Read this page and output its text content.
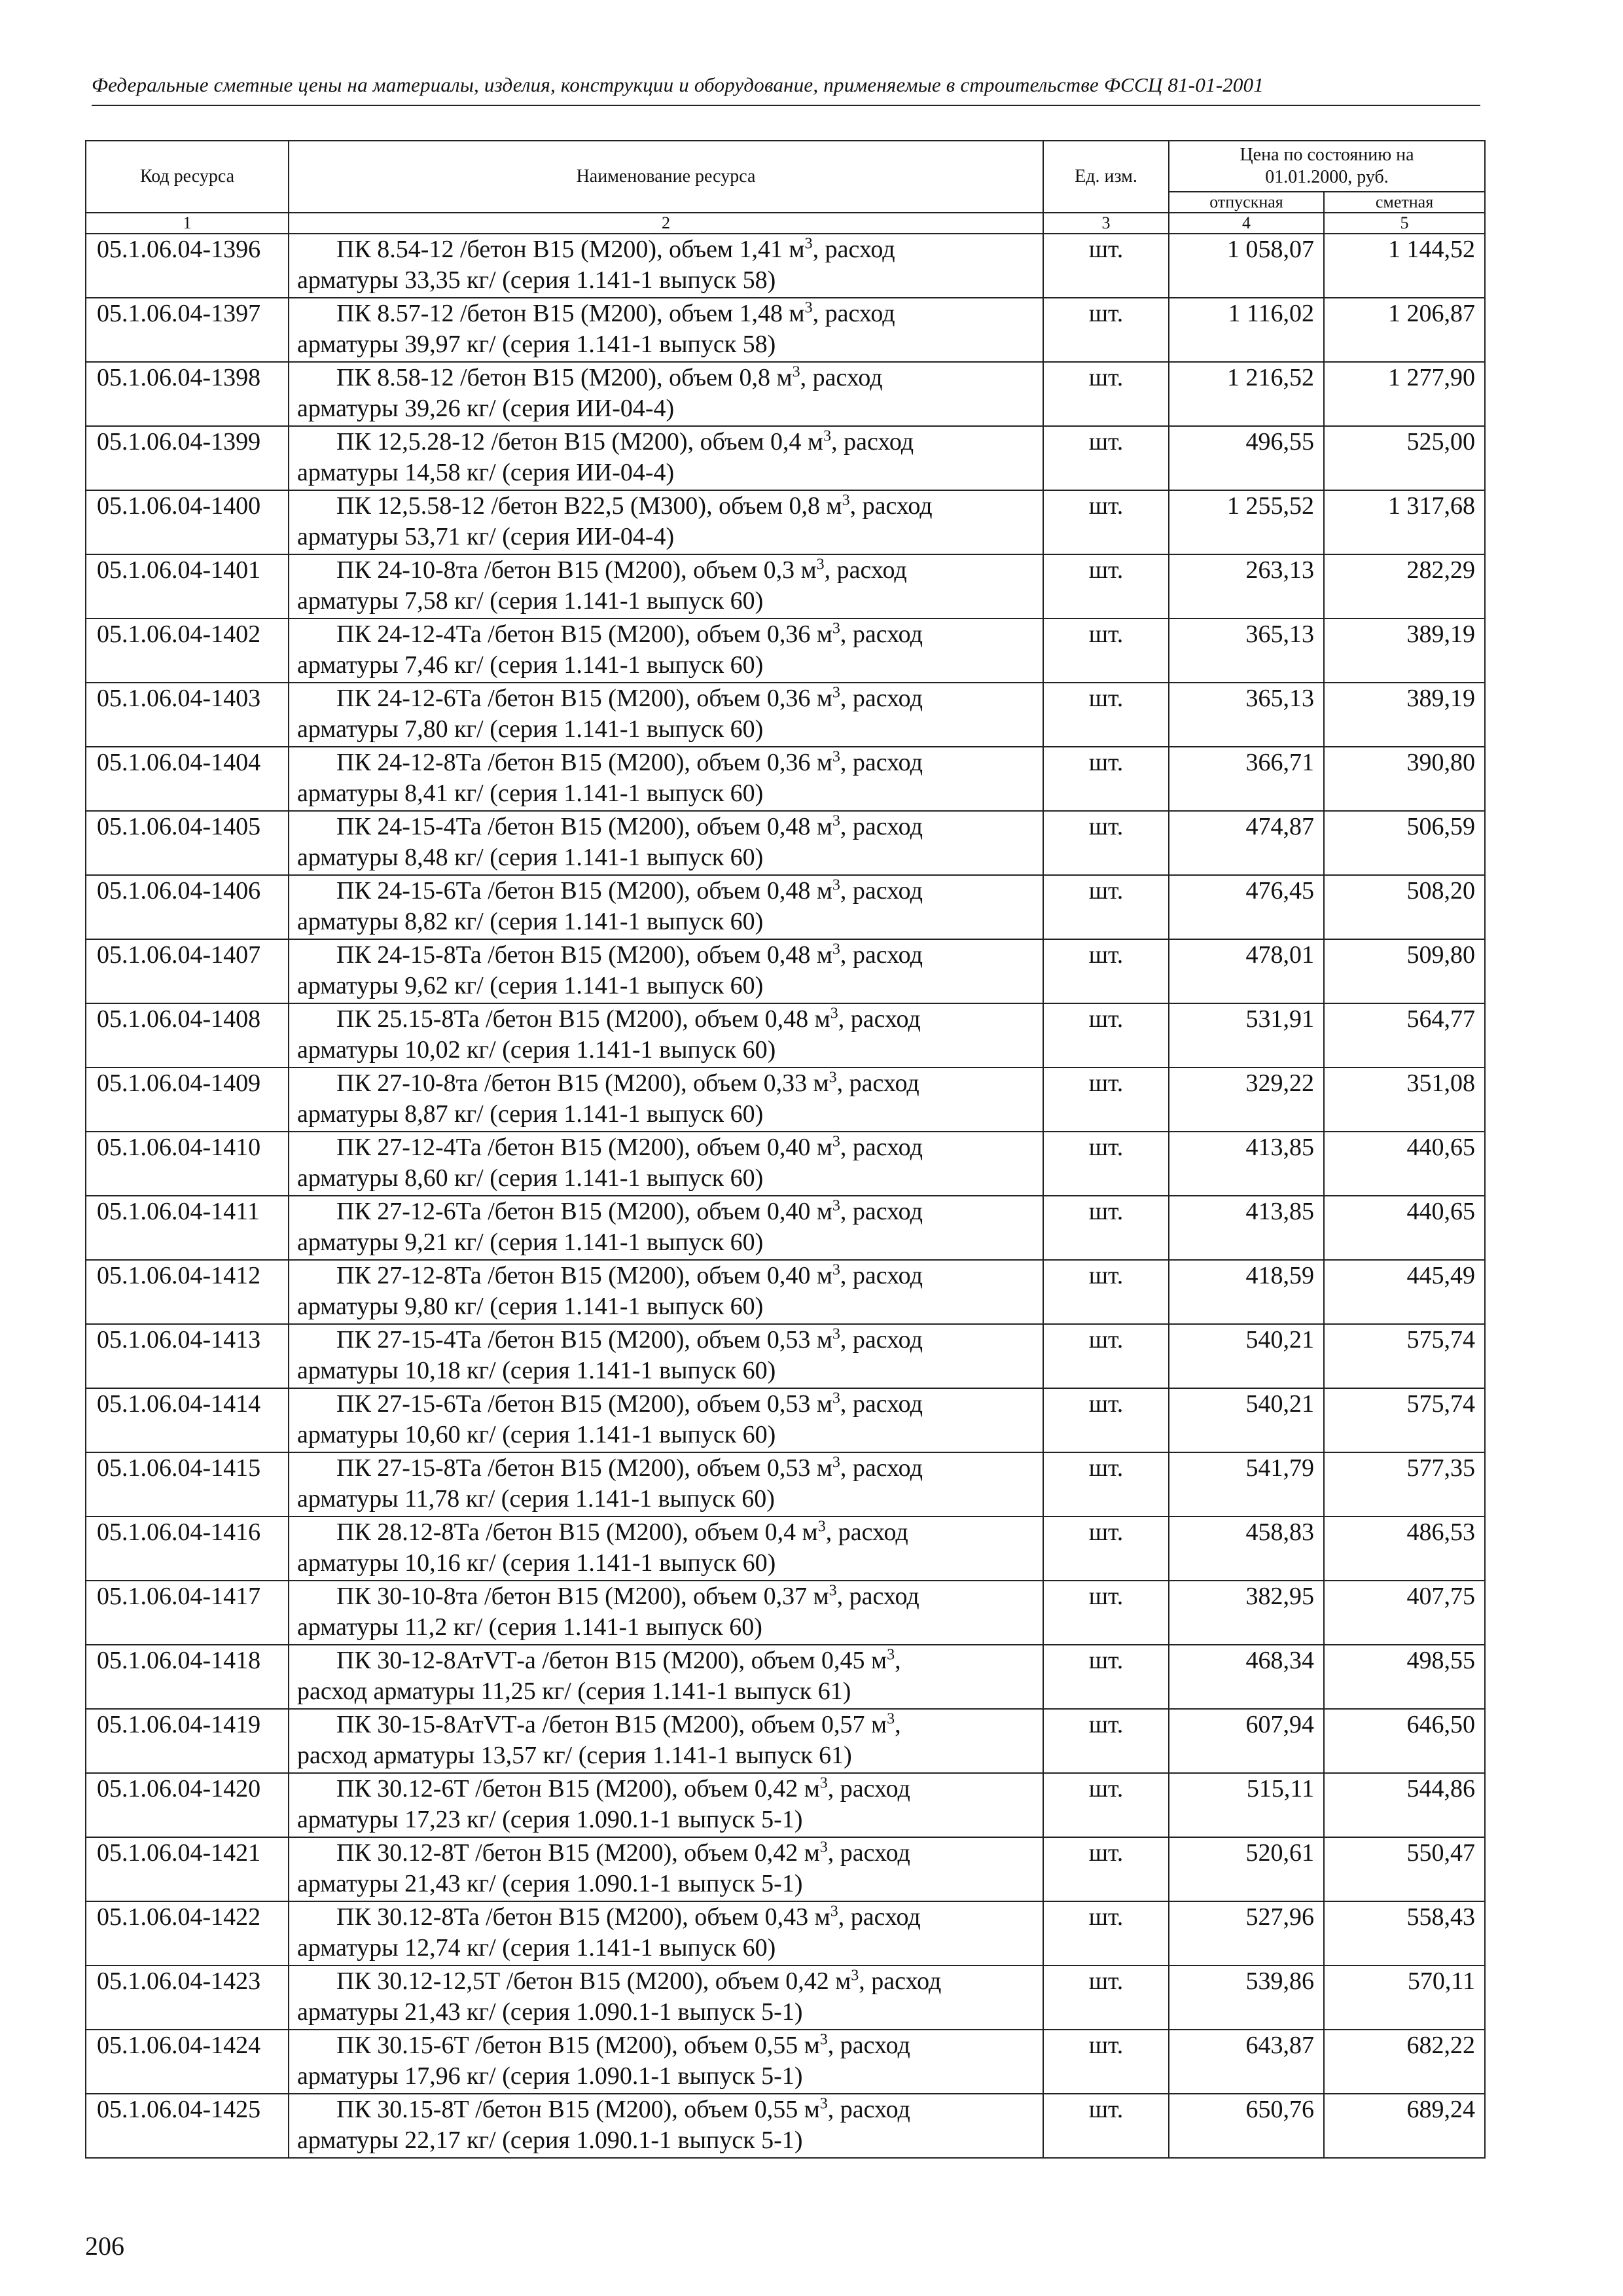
Федеральные сметные цены на материалы, изделия, конструкции и оборудование, применяемые в строительстве ФССЦ 81-01-2001
Код ресурса	Наименование ресурса	Ед. изм.	Цена по состоянию на 01.01.2000, руб.	
			отпускная	сметная
1	2	3	4	5
05.1.06.04-1396	ПК 8.54-12 /бетон В15 (М200), объем 1,41 $м^3$, расход
арматуры 33,35 кг/ (серия 1.141-1 выпуск 58)	шт.	1 058,07	1 144,52
05.1.06.04-1397	ПК 8.57-12 /бетон В15 (М200), объем 1,48 $м^3$, расход
арматуры 39,97 кг/ (серия 1.141-1 выпуск 58)	шт.	1 116,02	1 206,87
05.1.06.04-1398	ПК 8.58-12 /бетон В15 (М200), объем 0,8 $м^3$, расход
арматуры 39,26 кг/ (серия ИИ-04-4)	шт.	1 216,52	1 277,90
05.1.06.04-1399	ПК 12,5.28-12 /бетон В15 (М200), объем 0,4 $м^3$, расход
арматуры 14,58 кг/ (серия ИИ-04-4)	шт.	496,55	525,00
05.1.06.04-1400	ПК 12,5.58-12 /бетон В22,5 (М300), объем 0,8 $м^3$, расход
арматуры 53,71 кг/ (серия ИИ-04-4)	шт.	1 255,52	1 317,68
05.1.06.04-1401	ПК 24-10-8та /бетон В15 (М200), объем 0,3 $м^3$, расход
арматуры 7,58 кг/ (серия 1.141-1 выпуск 60)	шт.	263,13	282,29
05.1.06.04-1402	ПК 24-12-4Та /бетон В15 (М200), объем 0,36 $м^3$, расход
арматуры 7,46 кг/ (серия 1.141-1 выпуск 60)	шт.	365,13	389,19
05.1.06.04-1403	ПК 24-12-6Та /бетон В15 (М200), объем 0,36 $м^3$, расход
арматуры 7,80 кг/ (серия 1.141-1 выпуск 60)	шт.	365,13	389,19
05.1.06.04-1404	ПК 24-12-8Та /бетон В15 (М200), объем 0,36 $м^3$, расход
арматуры 8,41 кг/ (серия 1.141-1 выпуск 60)	шт.	366,71	390,80
05.1.06.04-1405	ПК 24-15-4Та /бетон В15 (М200), объем 0,48 $м^3$, расход
арматуры 8,48 кг/ (серия 1.141-1 выпуск 60)	шт.	474,87	506,59
05.1.06.04-1406	ПК 24-15-6Та /бетон В15 (М200), объем 0,48 $м^3$, расход
арматуры 8,82 кг/ (серия 1.141-1 выпуск 60)	шт.	476,45	508,20
05.1.06.04-1407	ПК 24-15-8Та /бетон В15 (М200), объем 0,48 $м^3$, расход
арматуры 9,62 кг/ (серия 1.141-1 выпуск 60)	шт.	478,01	509,80
05.1.06.04-1408	ПК 25.15-8Та /бетон В15 (М200), объем 0,48 $м^3$, расход
арматуры 10,02 кг/ (серия 1.141-1 выпуск 60)	шт.	531,91	564,77
05.1.06.04-1409	ПК 27-10-8та /бетон В15 (М200), объем 0,33 $м^3$, расход
арматуры 8,87 кг/ (серия 1.141-1 выпуск 60)	шт.	329,22	351,08
05.1.06.04-1410	ПК 27-12-4Та /бетон В15 (М200), объем 0,40 $м^3$, расход
арматуры 8,60 кг/ (серия 1.141-1 выпуск 60)	шт.	413,85	440,65
05.1.06.04-1411	ПК 27-12-6Та /бетон В15 (М200), объем 0,40 $м^3$, расход
арматуры 9,21 кг/ (серия 1.141-1 выпуск 60)	шт.	413,85	440,65
05.1.06.04-1412	ПК 27-12-8Та /бетон В15 (М200), объем 0,40 $м^3$, расход
арматуры 9,80 кг/ (серия 1.141-1 выпуск 60)	шт.	418,59	445,49
05.1.06.04-1413	ПК 27-15-4Та /бетон В15 (М200), объем 0,53 $м^3$, расход
арматуры 10,18 кг/ (серия 1.141-1 выпуск 60)	шт.	540,21	575,74
05.1.06.04-1414	ПК 27-15-6Та /бетон В15 (М200), объем 0,53 $м^3$, расход
арматуры 10,60 кг/ (серия 1.141-1 выпуск 60)	шт.	540,21	575,74
05.1.06.04-1415	ПК 27-15-8Та /бетон В15 (М200), объем 0,53 $м^3$, расход
арматуры 11,78 кг/ (серия 1.141-1 выпуск 60)	шт.	541,79	577,35
05.1.06.04-1416	ПК 28.12-8Та /бетон В15 (М200), объем 0,4 $м^3$, расход
арматуры 10,16 кг/ (серия 1.141-1 выпуск 60)	шт.	458,83	486,53
05.1.06.04-1417	ПК 30-10-8та /бетон В15 (М200), объем 0,37 $м^3$, расход
арматуры 11,2 кг/ (серия 1.141-1 выпуск 60)	шт.	382,95	407,75
05.1.06.04-1418	ПК 30-12-8АтVТ-а /бетон В15 (М200), объем 0,45 $м^3$,
расход арматуры 11,25 кг/ (серия 1.141-1 выпуск 61)	шт.	468,34	498,55
05.1.06.04-1419	ПК 30-15-8АтVТ-а /бетон В15 (М200), объем 0,57 $м^3$,
расход арматуры 13,57 кг/ (серия 1.141-1 выпуск 61)	шт.	607,94	646,50
05.1.06.04-1420	ПК 30.12-6Т /бетон В15 (М200), объем 0,42 $м^3$, расход
арматуры 17,23 кг/ (серия 1.090.1-1 выпуск 5-1)	шт.	515,11	544,86
05.1.06.04-1421	ПК 30.12-8Т /бетон В15 (М200), объем 0,42 $м^3$, расход
арматуры 21,43 кг/ (серия 1.090.1-1 выпуск 5-1)	шт.	520,61	550,47
05.1.06.04-1422	ПК 30.12-8Та /бетон В15 (М200), объем 0,43 $м^3$, расход
арматуры 12,74 кг/ (серия 1.141-1 выпуск 60)	шт.	527,96	558,43
05.1.06.04-1423	ПК 30.12-12,5Т /бетон В15 (М200), объем 0,42 $м^3$, расход
арматуры 21,43 кг/ (серия 1.090.1-1 выпуск 5-1)	шт.	539,86	570,11
05.1.06.04-1424	ПК 30.15-6Т /бетон В15 (М200), объем 0,55 $м^3$, расход
арматуры 17,96 кг/ (серия 1.090.1-1 выпуск 5-1)	шт.	643,87	682,22
05.1.06.04-1425	ПК 30.15-8Т /бетон В15 (М200), объем 0,55 $м^3$, расход
арматуры 22,17 кг/ (серия 1.090.1-1 выпуск 5-1)	шт.	650,76	689,24
206
